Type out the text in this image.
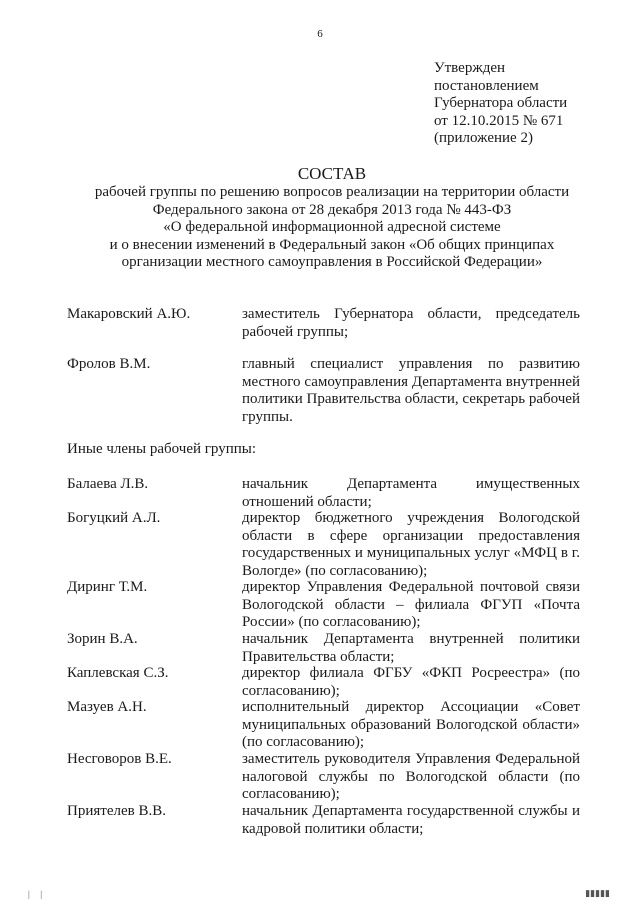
6
Утвержден
постановлением
Губернатора области
от 12.10.2015 № 671
(приложение 2)
СОСТАВ
рабочей группы по решению вопросов реализации на территории области
Федерального закона от 28 декабря 2013 года № 443-ФЗ
«О федеральной информационной адресной системе
и о внесении изменений в Федеральный закон «Об общих принципах
организации местного самоуправления в Российской Федерации»
Макаровский А.Ю.	заместитель Губернатора области, председатель рабочей группы;
Фролов В.М.	главный специалист управления по развитию местного самоуправления Департамента внутренней политики Правительства области, секретарь рабочей группы.
Иные члены рабочей группы:
Балаева Л.В.	начальник Департамента имущественных отношений области;
Богуцкий А.Л.	директор бюджетного учреждения Вологодской области в сфере организации предоставления государственных и муниципальных услуг «МФЦ в г. Вологде» (по согласованию);
Диринг Т.М.	директор Управления Федеральной почтовой связи Вологодской области – филиала ФГУП «Почта России» (по согласованию);
Зорин В.А.	начальник Департамента внутренней политики Правительства области;
Каплевская С.З.	директор филиала ФГБУ «ФКП Росреестра» (по согласованию);
Мазуев А.Н.	исполнительный директор Ассоциации «Совет муниципальных образований Вологодской области» (по согласованию);
Несговоров В.Е.	заместитель руководителя Управления Федеральной налоговой службы по Вологодской области (по согласованию);
Приятелев В.В.	начальник Департамента государственной службы и кадровой политики области;
|  |	▮▮▮▮▮
